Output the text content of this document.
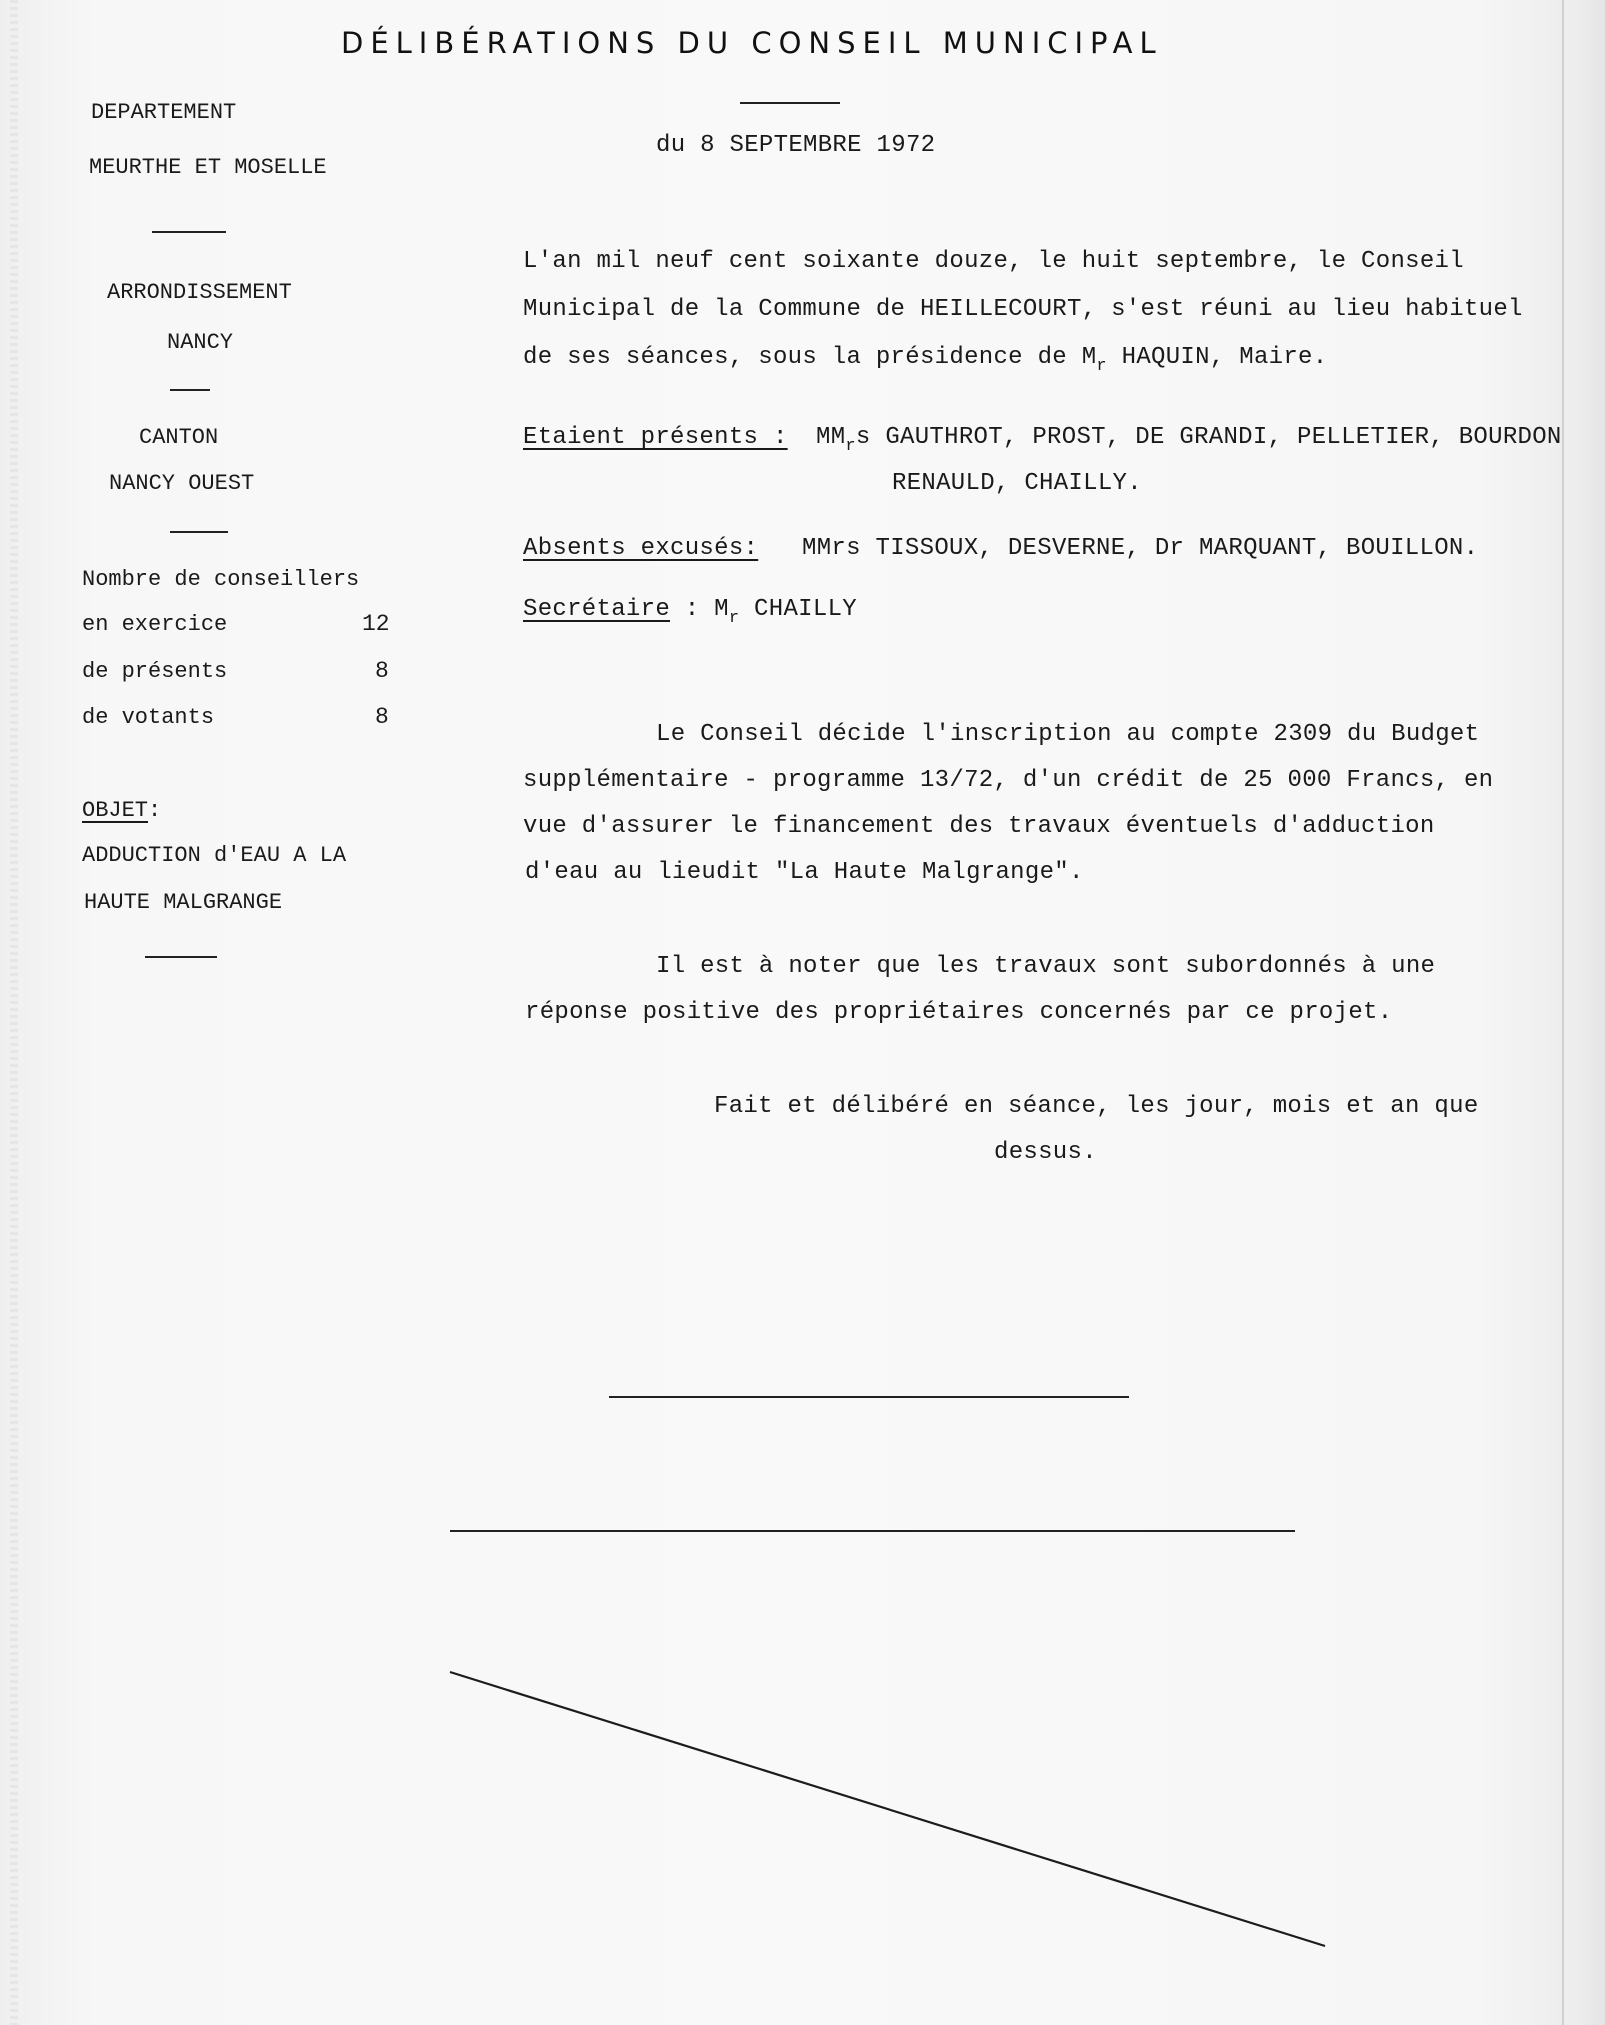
DÉLIBÉRATIONS DU CONSEIL MUNICIPAL
du 8 SEPTEMBRE 1972
DEPARTEMENT
MEURTHE ET MOSELLE
ARRONDISSEMENT
NANCY
CANTON
NANCY OUEST
Nombre de conseillers
en exercice	12
de présents	8
de votants	8
OBJET:
ADDUCTION d'EAU A LA
HAUTE MALGRANGE
L'an mil neuf cent soixante douze, le huit septembre, le Conseil
Municipal de la Commune de HEILLECOURT, s'est réuni au lieu habituel
de ses séances, sous la présidence de $M_r$ HAQUIN, Maire.
Etaient présents : $MM_rs$ GAUTHROT, PROST, DE GRANDI, PELLETIER, BOURDON
RENAULD, CHAILLY.
Absents excusés: MMrs TISSOUX, DESVERNE, Dr MARQUANT, BOUILLON.
Secrétaire : $M_r$ CHAILLY
Le Conseil décide l'inscription au compte 2309 du Budget
supplémentaire - programme 13/72, d'un crédit de 25 000 Francs, en
vue d'assurer le financement des travaux éventuels d'adduction
d'eau au lieudit "La Haute Malgrange".
Il est à noter que les travaux sont subordonnés à une
réponse positive des propriétaires concernés par ce projet.
Fait et délibéré en séance, les jour, mois et an que
dessus.
